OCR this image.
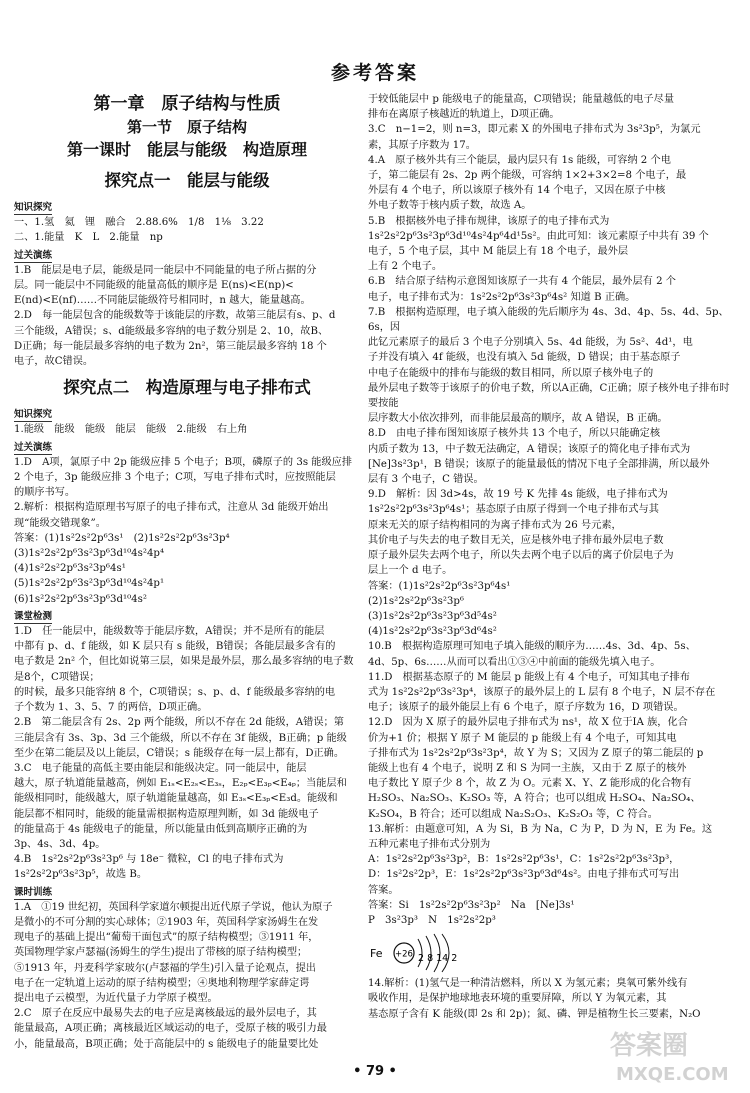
参考答案

第一章　原子结构与性质

第一节　原子结构

第一课时　能层与能级　构造原理

探究点一　能层与能级

知识探究

一、1.氢　氦　锂　融合　2.88.6%　1/8　1⅛　3.22

二、1.能量　K　L　2.能量　np

过关演练

1.B　能层是电子层，能级是同一能层中不同能量的电子所占据的分

层。同一能层中不同能级的能量高低的顺序是 E(ns)<E(np)<

E(nd)<E(nf)……不同能层能级符号相同时，n 越大，能量越高。

2.D　每一能层包含的能级数等于该能层的序数，故第三能层有s、p、d

三个能级，A错误；s、d能级最多容纳的电子数分别是 2、10，故B、

D正确；每一能层最多容纳的电子数为 2n²，第三能层最多容纳 18 个

电子，故C错误。

探究点二　构造原理与电子排布式

知识探究

1.能级　能级　能级　能层　能级　2.能级　右上角

过关演练

1.D　A项，氯原子中 2p 能级应排 5 个电子；B项，磷原子的 3s 能级应排

2 个电子，3p 能级应排 3 个电子；C项，写电子排布式时，应按照能层

的顺序书写。

2.解析：根据构造原理书写原子的电子排布式，注意从 3d 能级开始出

现“能级交错现象”。

答案：(1)1s²2s²2p⁶3s¹　(2)1s²2s²2p⁶3s²3p⁴

(3)1s²2s²2p⁶3s²3p⁶3d¹⁰4s²4p⁴

(4)1s²2s²2p⁶3s²3p⁶4s¹

(5)1s²2s²2p⁶3s²3p⁶3d¹⁰4s²4p¹

(6)1s²2s²2p⁶3s²3p⁶3d¹⁰4s²

课堂检测

1.D　任一能层中，能级数等于能层序数，A错误；并不是所有的能层

中都有 p、d、f 能级，如 K 层只有 s 能级，B错误；各能层最多含有的

电子数是 2n² 个，但比如说第三层，如果是最外层，那么最多容纳的电子数是8个，C项错误；

的时候，最多只能容纳 8 个，C项错误；s、p、d、f 能级最多容纳的电

子个数为 1、3、5、7 的两倍，D项正确。

2.B　第二能层含有 2s、2p 两个能级，所以不存在 2d 能级，A错误；第

三能层含有 3s、3p、3d 三个能级，所以不存在 3f 能级，B正确；p 能级

至少在第二能层及以上能层，C错误；s 能级存在每一层上都有，D正确。

3.C　电子能量的高低主要由能层和能级决定。同一能层中，能层

越大，原子轨道能量越高，例如 E₁ₛ<E₂ₛ<E₃ₛ，E₂ₚ<E₃ₚ<E₄ₚ；当能层和

能级相同时，能级越大，原子轨道能量越高，如 E₃ₛ<E₃ₚ<E₃d。能级和

能层都不相同时，能级的能量需根据构造原理判断，如 3d 能级电子

的能量高于 4s 能级电子的能量，所以能量由低到高顺序正确的为

3p、4s、3d、4p。

4.B　1s²2s²2p⁶3s²3p⁶ 与 18e⁻ 微粒，Cl 的电子排布式为

1s²2s²2p⁶3s²3p⁵，故选 B。

课时训练

1.A　①19 世纪初，英国科学家道尔顿提出近代原子学说，他认为原子

是微小的不可分割的实心球体；②1903 年，英国科学家汤姆生在发

现电子的基础上提出“葡萄干面包式”的原子结构模型；③1911 年，

英国物理学家卢瑟福(汤姆生的学生)提出了带核的原子结构模型；

⑤1913 年，丹麦科学家玻尔(卢瑟福的学生)引入量子论观点，提出

电子在一定轨道上运动的原子结构模型；④奥地利物理学家薛定谔

提出电子云模型，为近代量子力学原子模型。

2.C　原子在反应中最易失去的电子应是离核最远的最外层电子，其

能量最高，A项正确；离核最近区域运动的电子，受原子核的吸引力最

小，能量最高，B项正确；处于高能层中的 s 能级电子的能量要比处

于较低能层中 p 能级电子的能量高，C项错误；能量越低的电子尽量

排布在离原子核越近的轨道上，D项正确。

3.C　n−1=2，则 n=3，即元素 X 的外围电子排布式为 3s²3p⁵，为氯元

素，其原子序数为 17。

4.A　原子核外共有三个能层，最内层只有 1s 能级，可容纳 2 个电

子，第二能层有 2s、2p 两个能级，可容纳 1×2+3×2=8 个电子，最

外层有 4 个电子，所以该原子核外有 14 个电子，又因在原子中核

外电子数等于核内质子数，故选 A。

5.B　根据核外电子排布规律，该原子的电子排布式为

1s²2s²2p⁶3s²3p⁶3d¹⁰4s²4p⁶4d¹5s²。由此可知：该元素原子中共有 39 个

电子，5 个电子层，其中 M 能层上有 18 个电子，最外层

上有 2 个电子。

6.B　结合原子结构示意图知该原子一共有 4 个能层，最外层有 2 个

电子，电子排布式为：1s²2s²2p⁶3s²3p⁶4s² 知道 B 正确。

7.B　根据构造原理，电子填入能级的先后顺序为 4s、3d、4p、5s、4d、5p、6s，因

此钇元素原子的最后 3 个电子分别填入 5s、4d 能级，为 5s²、4d¹，电

子并没有填入 4f 能级，也没有填入 5d 能级，D 错误；由于基态原子

中电子在能级中的排布与能级的数目相同，所以原子核外电子的

最外层电子数等于该原子的价电子数，所以A正确，C正确；原子核外电子排布时要按能

层序数大小依次排列，而非能层最高的顺序，故 A 错误，B 正确。

8.D　由电子排布图知该原子核外共 13 个电子，所以只能确定核

内质子数为 13，中子数无法确定，A 错误；该原子的简化电子排布式为

[Ne]3s²3p¹，B 错误；该原子的能量最低的情况下电子全部排满，所以最外

层有 3 个电子，C 错误。

9.D　解析：因 3d>4s，故 19 号 K 先排 4s 能级，电子排布式为

1s²2s²2p⁶3s²3p⁶4s¹；基态原子由原子得到一个电子排布式与其

原来无关的原子结构相同的为离子排布式为 26 号元素，

其价电子与失去的电子数目无关，应是核外电子排布最外层电子数

原子最外层失去两个电子，所以失去两个电子以后的离子价层电子为

层上一个 d 电子。

答案：(1)1s²2s²2p⁶3s²3p⁶4s¹

(2)1s²2s²2p⁶3s²3p⁶

(3)1s²2s²2p⁶3s²3p⁶3d⁵4s²

(4)1s²2s²2p⁶3s²3p⁶3d⁶4s²

10.B　根据构造原理可知电子填入能级的顺序为……4s、3d、4p、5s、

4d、5p、6s……从而可以看出①③④中前面的能级先填入电子。

11.D　根据基态原子的 M 能层 p 能级上有 4 个电子，可知其电子排布

式为 1s²2s²2p⁶3s²3p⁴，该原子的最外层上的 L 层有 8 个电子，N 层不存在

电子；该原子的最外能层上有 6 个电子，原子序数为 16，D 项错误。

12.D　因为 X 原子的最外层电子排布式为 ns¹，故 X 位于ⅠA 族，化合

价为+1 价；根据 Y 原子 M 能层的 p 能级上有 4 个电子，可知其电

子排布式为 1s²2s²2p⁶3s²3p⁴，故 Y 为 S；又因为 Z 原子的第二能层的 p

能级上也有 4 个电子，说明 Z 和 S 为同一主族，又由于 Z 原子的核外

电子数比 Y 原子少 8 个，故 Z 为 O。元素 X、Y、Z 能形成的化合物有

H₂SO₃、Na₂SO₃、K₂SO₃ 等，A 符合；也可以组成 H₂SO₄、Na₂SO₄、

K₂SO₄，B 符合；还可以组成 Na₂S₂O₃、K₂S₂O₃ 等，C 符合。

13.解析：由题意可知，A 为 Si，B 为 Na，C 为 P，D 为 N，E 为 Fe。这

五种元素电子排布式分别为

A：1s²2s²2p⁶3s²3p²，B：1s²2s²2p⁶3s¹，C：1s²2s²2p⁶3s²3p³，

D：1s²2s²2p³，E：1s²2s²2p⁶3s²3p⁶3d⁶4s²。由电子排布式可写出

答案。

答案：Si　1s²2s²2p⁶3s²3p²　Na　[Ne]3s¹

P　3s²3p³　N　1s²2s²2p³

Fe +26 2 8 14 2

14.解析：(1)氢气是一种清洁燃料，所以 X 为氢元素；臭氧可紫外线有

吸收作用，是保护地球地表环境的重要屏障，所以 Y 为氧元素，其

基态原子含有 K 能级(即 2s 和 2p)；氮、磷、钾是植物生长三要素，N₂O

• 79 •
答案圈
MXQE.COM
